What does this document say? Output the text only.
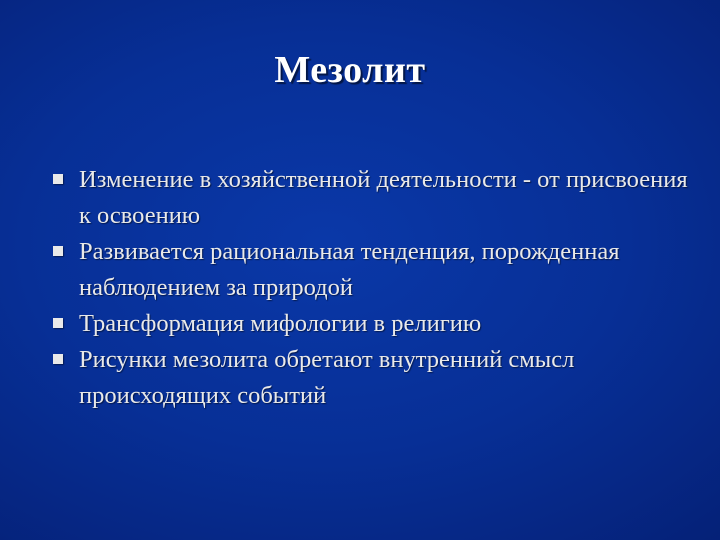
Мезолит
Изменение в хозяйственной деятельности - от присвоения к освоению
Развивается рациональная тенденция, порожденная наблюдением за природой
Трансформация мифологии в религию
Рисунки мезолита обретают внутренний смысл происходящих событий
